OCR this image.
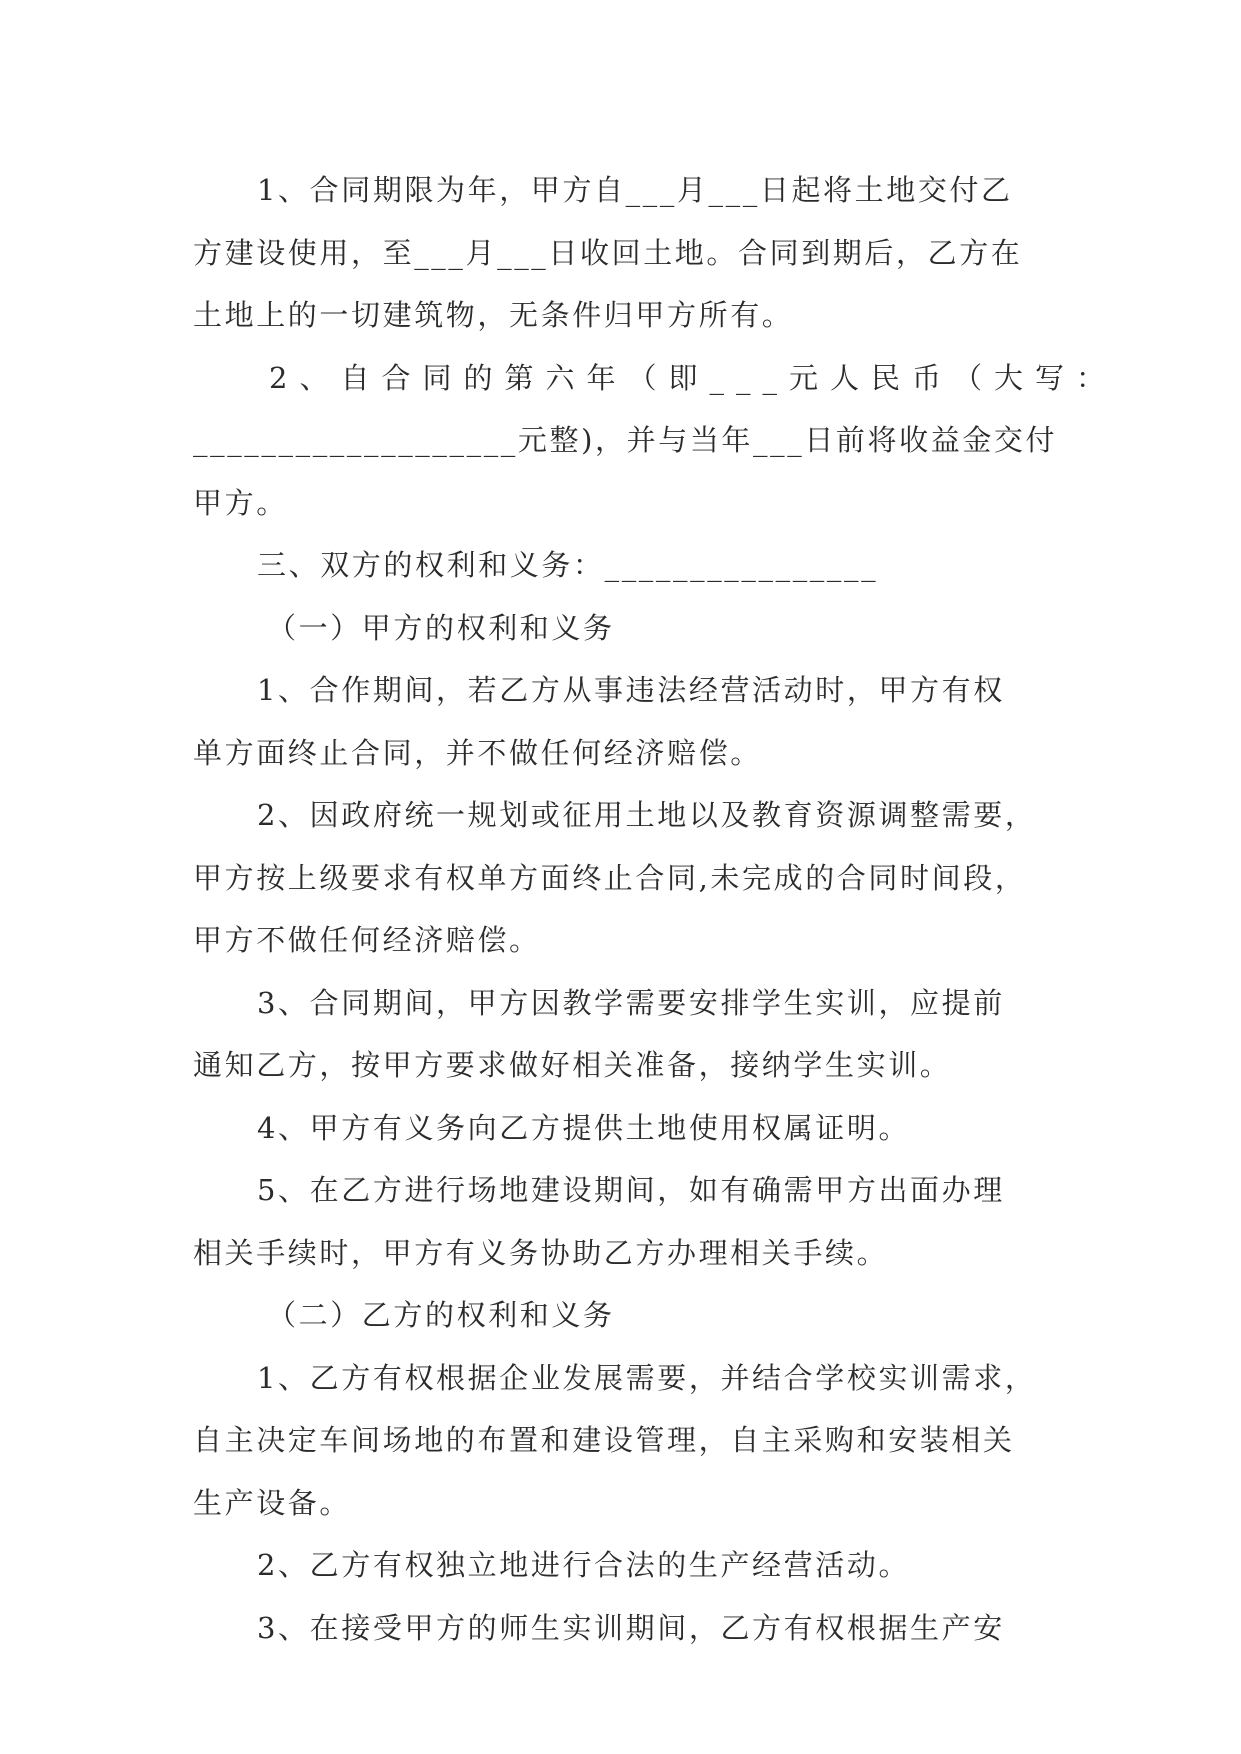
1、合同期限为年，甲方自___月___日起将土地交付乙

方建设使用，至___月___日收回土地。合同到期后，乙方在

土地上的一切建筑物，无条件归甲方所有。

2、自合同的第六年（即___元人民币（大写：

___________________元整)，并与当年___日前将收益金交付

甲方。

三、双方的权利和义务：________________

（一）甲方的权利和义务

1、合作期间，若乙方从事违法经营活动时，甲方有权

单方面终止合同，并不做任何经济赔偿。

2、因政府统一规划或征用土地以及教育资源调整需要，

甲方按上级要求有权单方面终止合同,未完成的合同时间段，

甲方不做任何经济赔偿。

3、合同期间，甲方因教学需要安排学生实训，应提前

通知乙方，按甲方要求做好相关准备，接纳学生实训。

4、甲方有义务向乙方提供土地使用权属证明。

5、在乙方进行场地建设期间，如有确需甲方出面办理

相关手续时，甲方有义务协助乙方办理相关手续。

（二）乙方的权利和义务

1、乙方有权根据企业发展需要，并结合学校实训需求，

自主决定车间场地的布置和建设管理，自主采购和安装相关

生产设备。

2、乙方有权独立地进行合法的生产经营活动。

3、在接受甲方的师生实训期间，乙方有权根据生产安
